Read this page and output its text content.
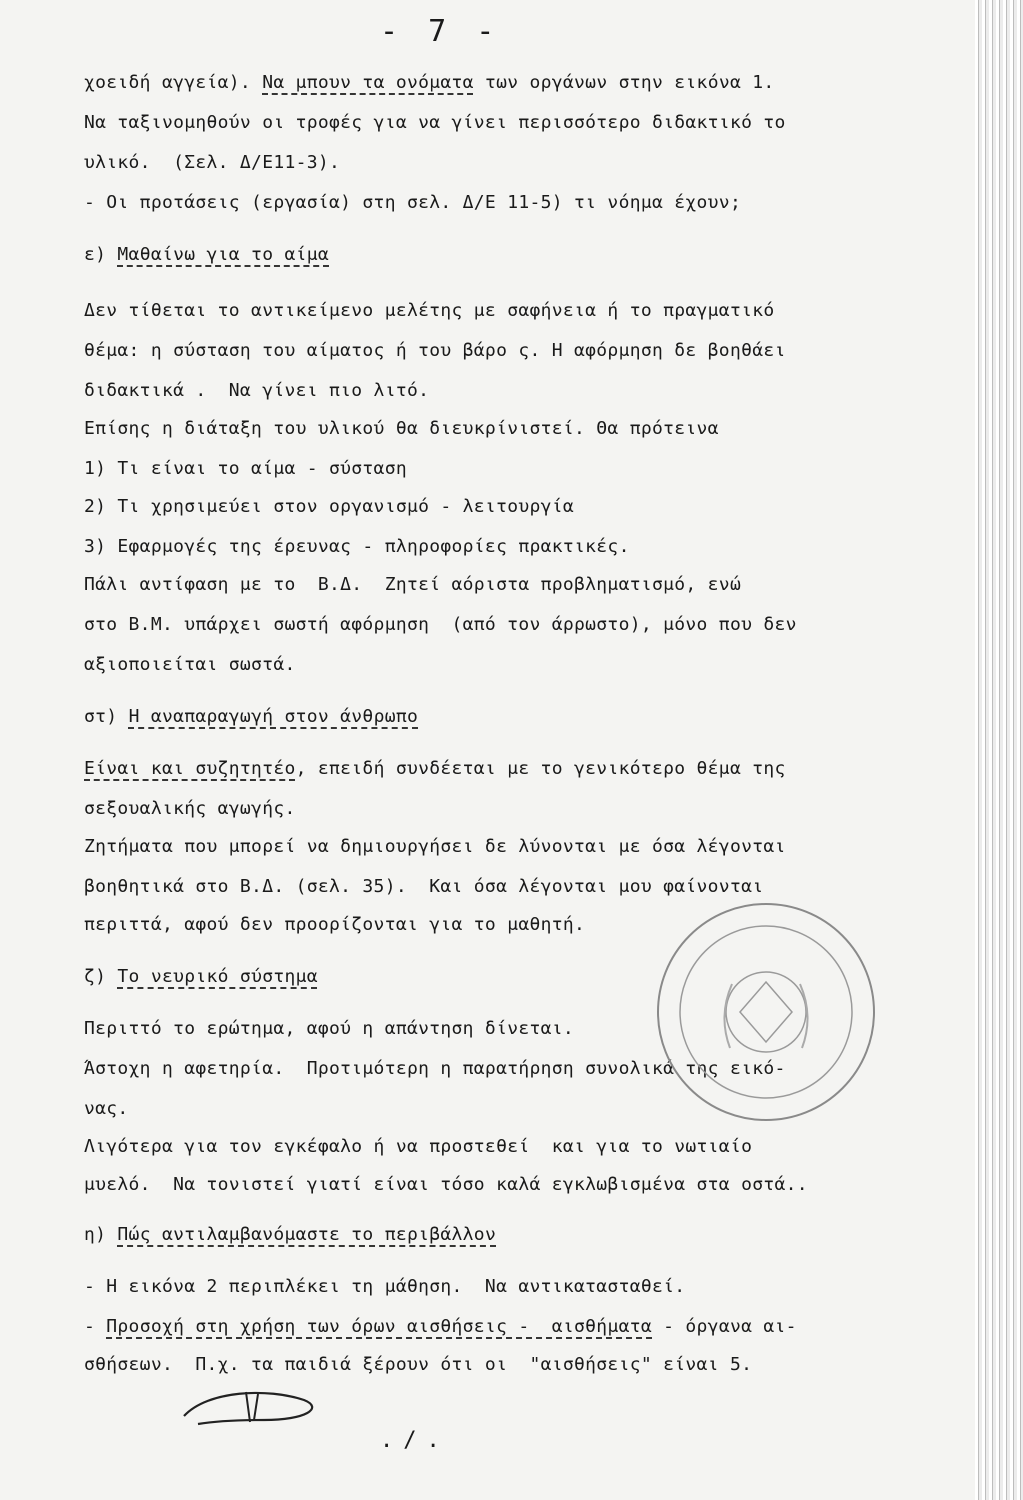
- 7 -
χοειδή αγγεία). Να μπουν τα ονόματα των οργάνων στην εικόνα 1.
Να ταξινομηθούν οι τροφές για να γίνει περισσότερο διδακτικό το
υλικό.  (Σελ. Δ/Ε11-3).
- Οι προτάσεις (εργασία) στη σελ. Δ/Ε 11-5) τι νόημα έχουν;
ε) Μαθαίνω για το αίμα
Δεν τίθεται το αντικείμενο μελέτης με σαφήνεια ή το πραγματικό
θέμα: η σύσταση του αίματος ή του βάρο ς. Η αφόρμηση δε βοηθάει
διδακτικά .  Να γίνει πιο λιτό.
Επίσης η διάταξη του υλικού θα διευκρίνιστεί. Θα πρότεινα
1) Τι είναι το αίμα - σύσταση
2) Τι χρησιμεύει στον οργανισμό - λειτουργία
3) Εφαρμογές της έρευνας - πληροφορίες πρακτικές.
Πάλι αντίφαση με το  Β.Δ.  Ζητεί αόριστα προβληματισμό, ενώ
στο Β.Μ. υπάρχει σωστή αφόρμηση  (από τον άρρωστο), μόνο που δεν
αξιοποιείται σωστά.
στ) Η αναπαραγωγή στον άνθρωπο
Είναι και συζητητέο, επειδή συνδέεται με το γενικότερο θέμα της
σεξουαλικής αγωγής.
Ζητήματα που μπορεί να δημιουργήσει δε λύνονται με όσα λέγονται
βοηθητικά στο Β.Δ. (σελ. 35).  Και όσα λέγονται μου φαίνονται
περιττά, αφού δεν προορίζονται για το μαθητή.
ζ) Το νευρικό σύστημα
Περιττό το ερώτημα, αφού η απάντηση δίνεται.
Άστοχη η αφετηρία.  Προτιμότερη η παρατήρηση συνολικά της εικό-
νας.
Λιγότερα για τον εγκέφαλο ή να προστεθεί  και για το νωτιαίο
μυελό.  Να τονιστεί γιατί είναι τόσο καλά εγκλωβισμένα στα οστά..
η) Πώς αντιλαμβανόμαστε το περιβάλλον
- Η εικόνα 2 περιπλέκει τη μάθηση.  Να αντικατασταθεί.
- Προσοχή στη χρήση των όρων αισθήσεις -  αισθήματα - όργανα αι-
σθήσεων.  Π.χ. τα παιδιά ξέρουν ότι οι  "αισθήσεις" είναι 5.
./.
